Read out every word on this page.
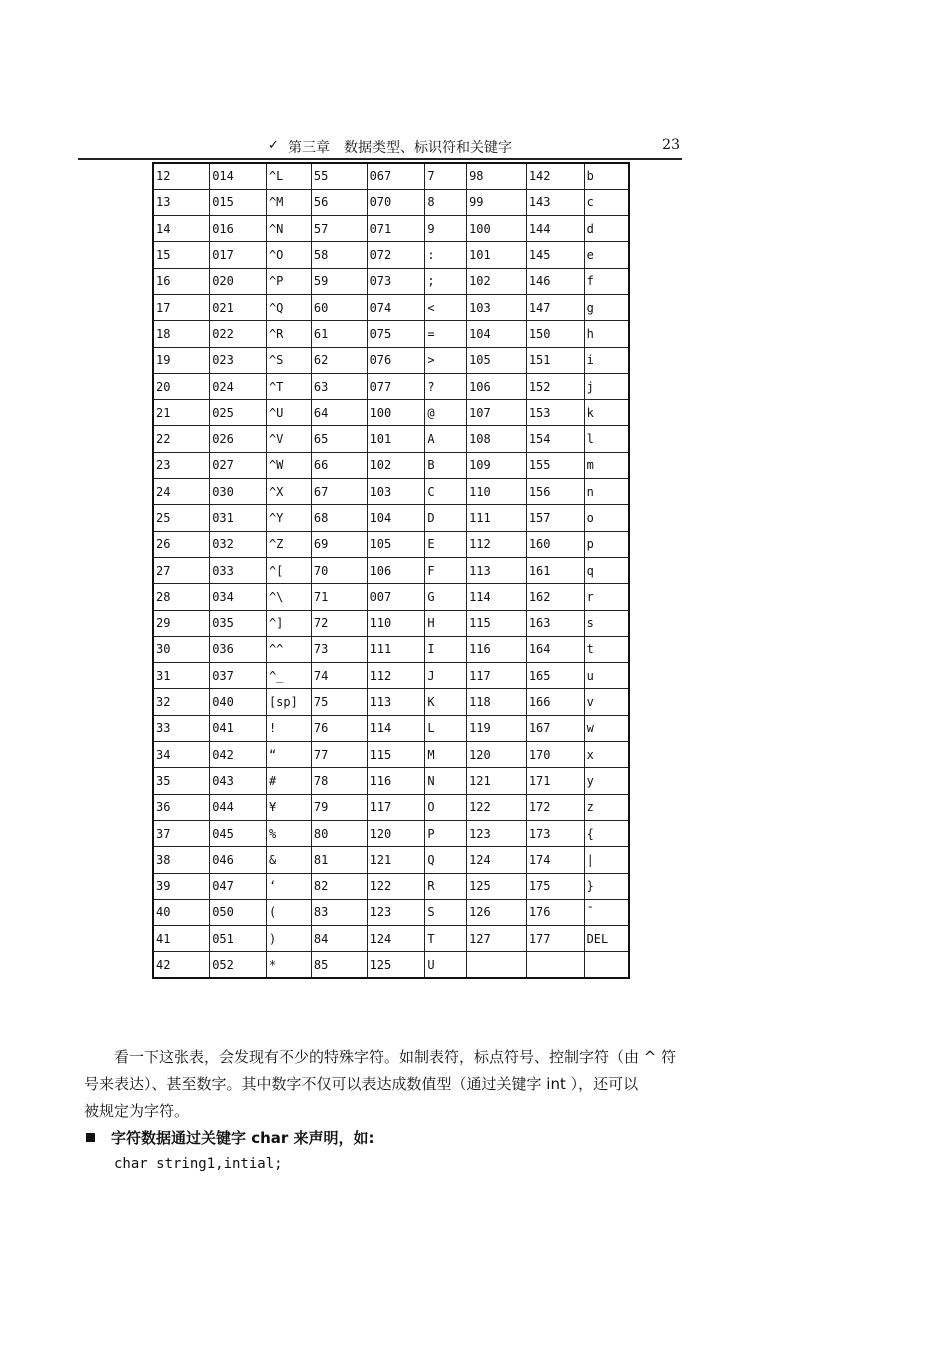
✓ 第三章　数据类型、标识符和关键字	23
12	014	^L	55	067	7	98	142	b
13	015	^M	56	070	8	99	143	c
14	016	^N	57	071	9	100	144	d
15	017	^O	58	072	:	101	145	e
16	020	^P	59	073	;	102	146	f
17	021	^Q	60	074	<	103	147	g
18	022	^R	61	075	=	104	150	h
19	023	^S	62	076	>	105	151	i
20	024	^T	63	077	?	106	152	j
21	025	^U	64	100	@	107	153	k
22	026	^V	65	101	A	108	154	l
23	027	^W	66	102	B	109	155	m
24	030	^X	67	103	C	110	156	n
25	031	^Y	68	104	D	111	157	o
26	032	^Z	69	105	E	112	160	p
27	033	^[	70	106	F	113	161	q
28	034	^\	71	007	G	114	162	r
29	035	^]	72	110	H	115	163	s
30	036	^^	73	111	I	116	164	t
31	037	^_	74	112	J	117	165	u
32	040	[sp]	75	113	K	118	166	v
33	041	!	76	114	L	119	167	w
34	042	“	77	115	M	120	170	x
35	043	#	78	116	N	121	171	y
36	044	¥	79	117	O	122	172	z
37	045	%	80	120	P	123	173	{
38	046	&	81	121	Q	124	174	|
39	047	‘	82	122	R	125	175	}
40	050	(	83	123	S	126	176	¯
41	051	)	84	124	T	127	177	DEL
42	052	*	85	125	U			
看一下这张表，会发现有不少的特殊字符。如制表符，标点符号、控制字符（由 ^ 符
号来表达）、甚至数字。其中数字不仅可以表达成数值型（通过关键字 int ），还可以
被规定为字符。
字符数据通过关键字 char 来声明，如:
char string1,intial;
